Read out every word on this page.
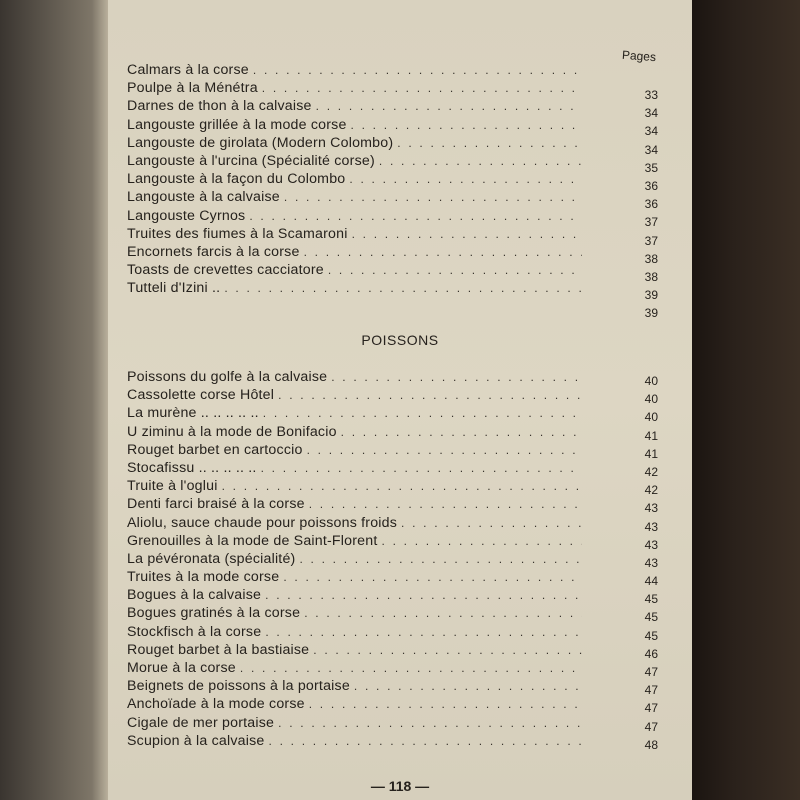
Pages
Calmars à la corse
. . .
Poulpe à la Ménétra
. . .
Darnes de thon à la calvaise
. . .
Langouste grillée à la mode corse
. . .
Langouste de girolata (Modern Colombo)
. . .
Langouste à l'urcina (Spécialité corse)
. . .
Langouste à la façon du Colombo
. . .
Langouste à la calvaise
. . .
Langouste Cyrnos
. . .
Truites des fiumes à la Scamaroni
. . .
Encornets farcis à la corse
. . .
Toasts de crevettes cacciatore
. . .
Tutteli d'Izini ..
. . .
33
34
34
34
35
36
36
37
37
38
38
39
39
POISSONS
Poissons du golfe à la calvaise
. . .
Cassolette corse Hôtel
. . .
La murène .. .. .. .. ..
. . .
U ziminu à la mode de Bonifacio
. . .
Rouget barbet en cartoccio
. . .
Stocafissu .. .. .. .. ..
. . .
Truite à l'oglui
. . .
Denti farci braisé à la corse
. . .
Aliolu, sauce chaude pour poissons froids
. . .
Grenouilles à la mode de Saint-Florent
. . .
La pévéronata (spécialité)
. . .
Truites à la mode corse
. . .
Bogues à la calvaise
. . .
Bogues gratinés à la corse
. . .
Stockfisch à la corse
. . .
Rouget barbet à la bastiaise
. . .
Morue à la corse
. . .
Beignets de poissons à la portaise
. . .
Anchoïade à la mode corse
. . .
Cigale de mer portaise
. . .
Scupion à la calvaise
. . .
40
40
40
41
41
42
42
43
43
43
43
44
45
45
45
46
47
47
47
47
48
— 118 —
